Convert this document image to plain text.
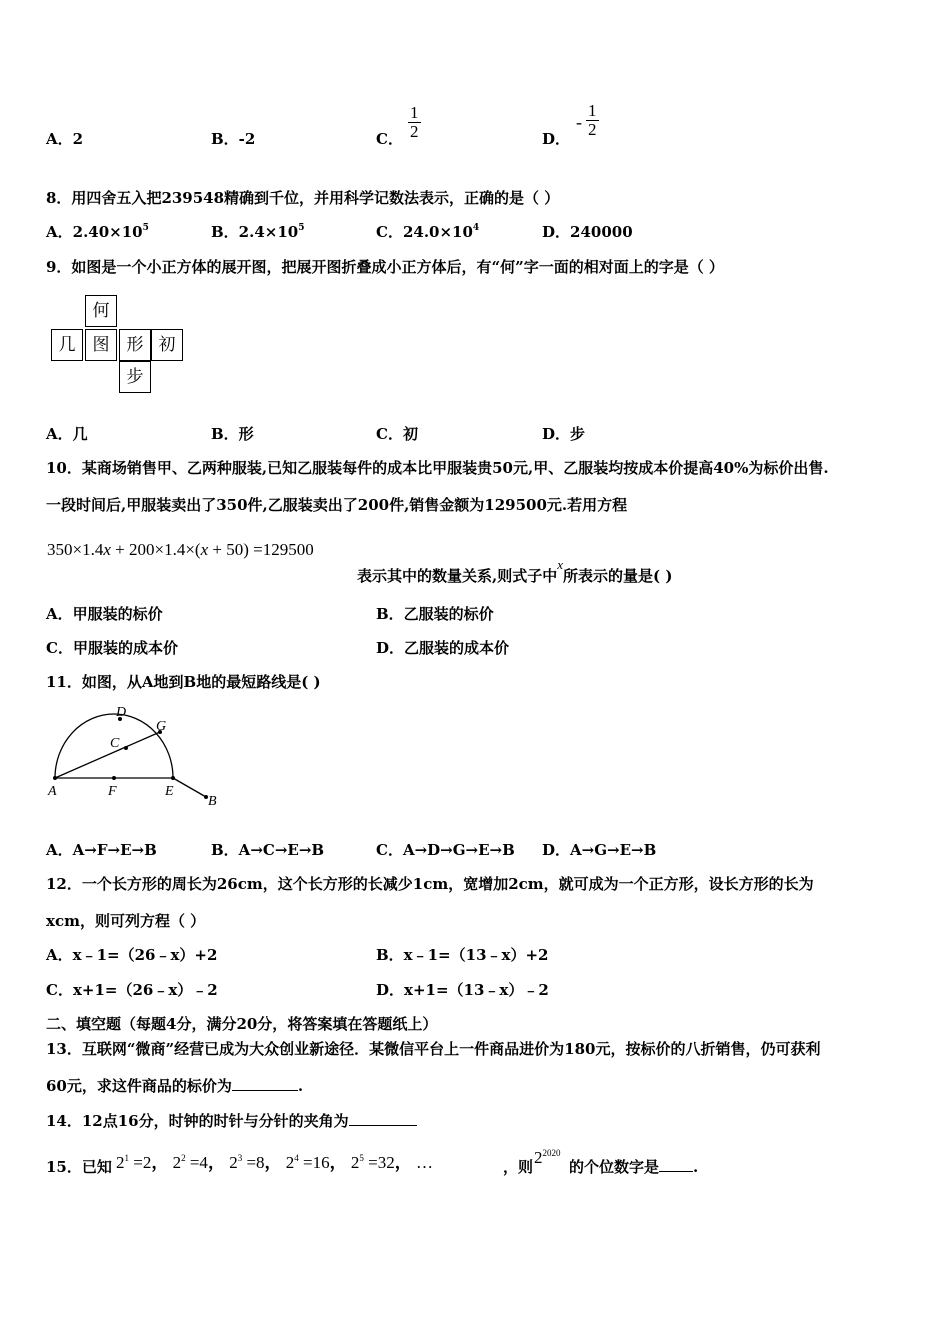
A．2	B．-2	C． $\frac{1}{2}$	D．
- $\frac{1}{2}$
8．用四舍五入把239548精确到千位，并用科学记数法表示，正确的是（ ）
A．$2.40\times 10^5$	B．$2.4\times 10^5$	C．$24.0\times 10^4$	D．240000
9．如图是一个小正方体的展开图，把展开图折叠成小正方体后，有“何”字一面的相对面上的字是（ ）
何
几	图	形 初
步
A．几	B．形	C．初	D．步
10．某商场销售甲、乙两种服装,已知乙服装每件的成本比甲服装贵50元,甲、乙服装均按成本价提高40%为标价出售.
一段时间后,甲服装卖出了350件,乙服装卖出了200件,销售金额为129500元.若用方程
350×1.4x + 200×1.4×(x + 50) =129500
表示其中的数量关系,则式子中x所表示的量是( )
A．甲服装的标价	B．乙服装的标价
C．甲服装的成本价	D．乙服装的成本价
11．如图，从A地到B地的最短路线是( )
A	F	E
B
C
D
G
A．A→F→E→B	B．A→C→E→B	C．A→D→G→E→B D．A→G→E→B
12．一个长方形的周长为26cm，这个长方形的长减少1cm，宽增加2cm，就可成为一个正方形，设长方形的长为
xcm，则可列方程（ ）
A．x﹣1=（26﹣x）+2	B．x﹣1=（13﹣x）+2
C．x+1=（26﹣x）﹣2	D．x+1=（13﹣x）﹣2
二、填空题（每题4分，满分20分，将答案填在答题纸上）
13．互联网“微商”经营已成为大众创业新途径．某微信平台上一件商品进价为180元，按标价的八折销售，仍可获利
60元，求这件商品的标价为	.
14．12点16分，时钟的时针与分针的夹角为
15．已知 $2^1 =2$， $2^2 =4$， $2^3 =8$， $2^4 =16$， $2^5 =32$， …	，则 $2^{2020}$
的个位数字是 .
